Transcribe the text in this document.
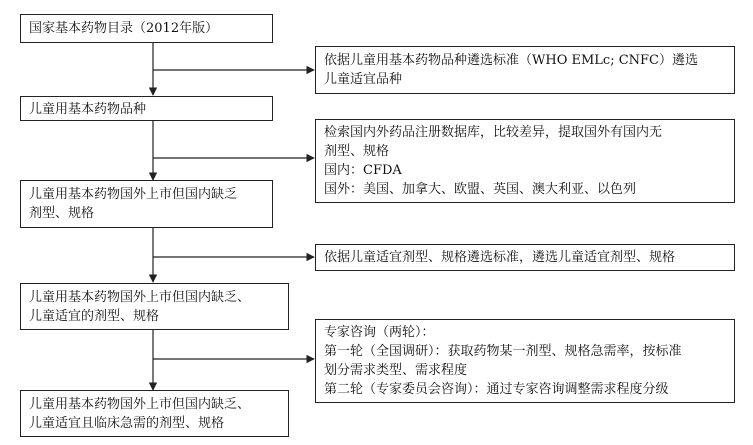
国家基本药物目录（2012年版）
儿童用基本药物品种
儿童用基本药物国外上市但国内缺乏
剂型、规格
儿童用基本药物国外上市但国内缺乏、
儿童适宜的剂型、规格
儿童用基本药物国外上市但国内缺乏、
儿童适宜且临床急需的剂型、规格
依据儿童用基本药物品种遴选标准（WHO EMLc; CNFC）遴选
儿童适宜品种
检索国内外药品注册数据库，比较差异，提取国外有国内无
剂型、规格
国内：CFDA
国外：美国、加拿大、欧盟、英国、澳大利亚、以色列
依据儿童适宜剂型、规格遴选标准，遴选儿童适宜剂型、规格
专家咨询（两轮）：
第一轮（全国调研）：获取药物某一剂型、规格急需率，按标准
划分需求类型、需求程度
第二轮（专家委员会咨询）：通过专家咨询调整需求程度分级
